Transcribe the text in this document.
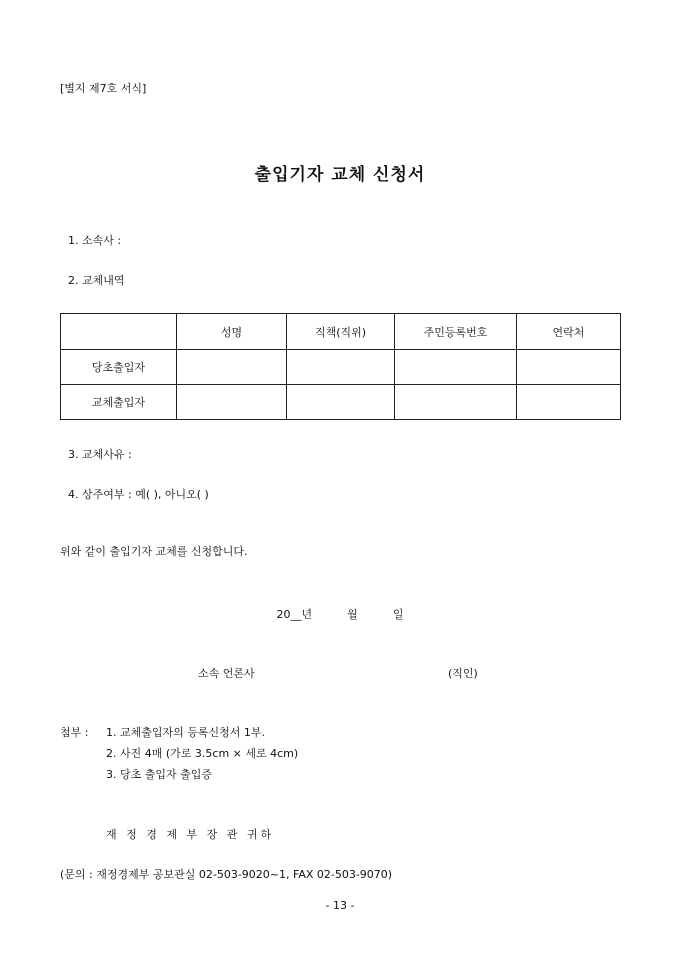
[별지 제7호 서식]
출입기자 교체 신청서
1. 소속사 :
2. 교체내역
	성명	직책(직위)	주민등록번호	연락처
당초출입자				
교체출입자				
3. 교체사유 :
4. 상주여부 : 예( ), 아니오( )
위와 같이 출입기자 교체를 신청합니다.
20__년	월	일
소속 언론사	(직인)
첨부 : 1. 교체출입자의 등록신청서 1부.
2. 사진 4매 (가로 3.5cm × 세로 4cm)
3. 당초 출입자 출입증
재 정 경 제 부 장 관 귀하
(문의 : 재정경제부 공보관실 02-503-9020~1, FAX 02-503-9070)
- 13 -
